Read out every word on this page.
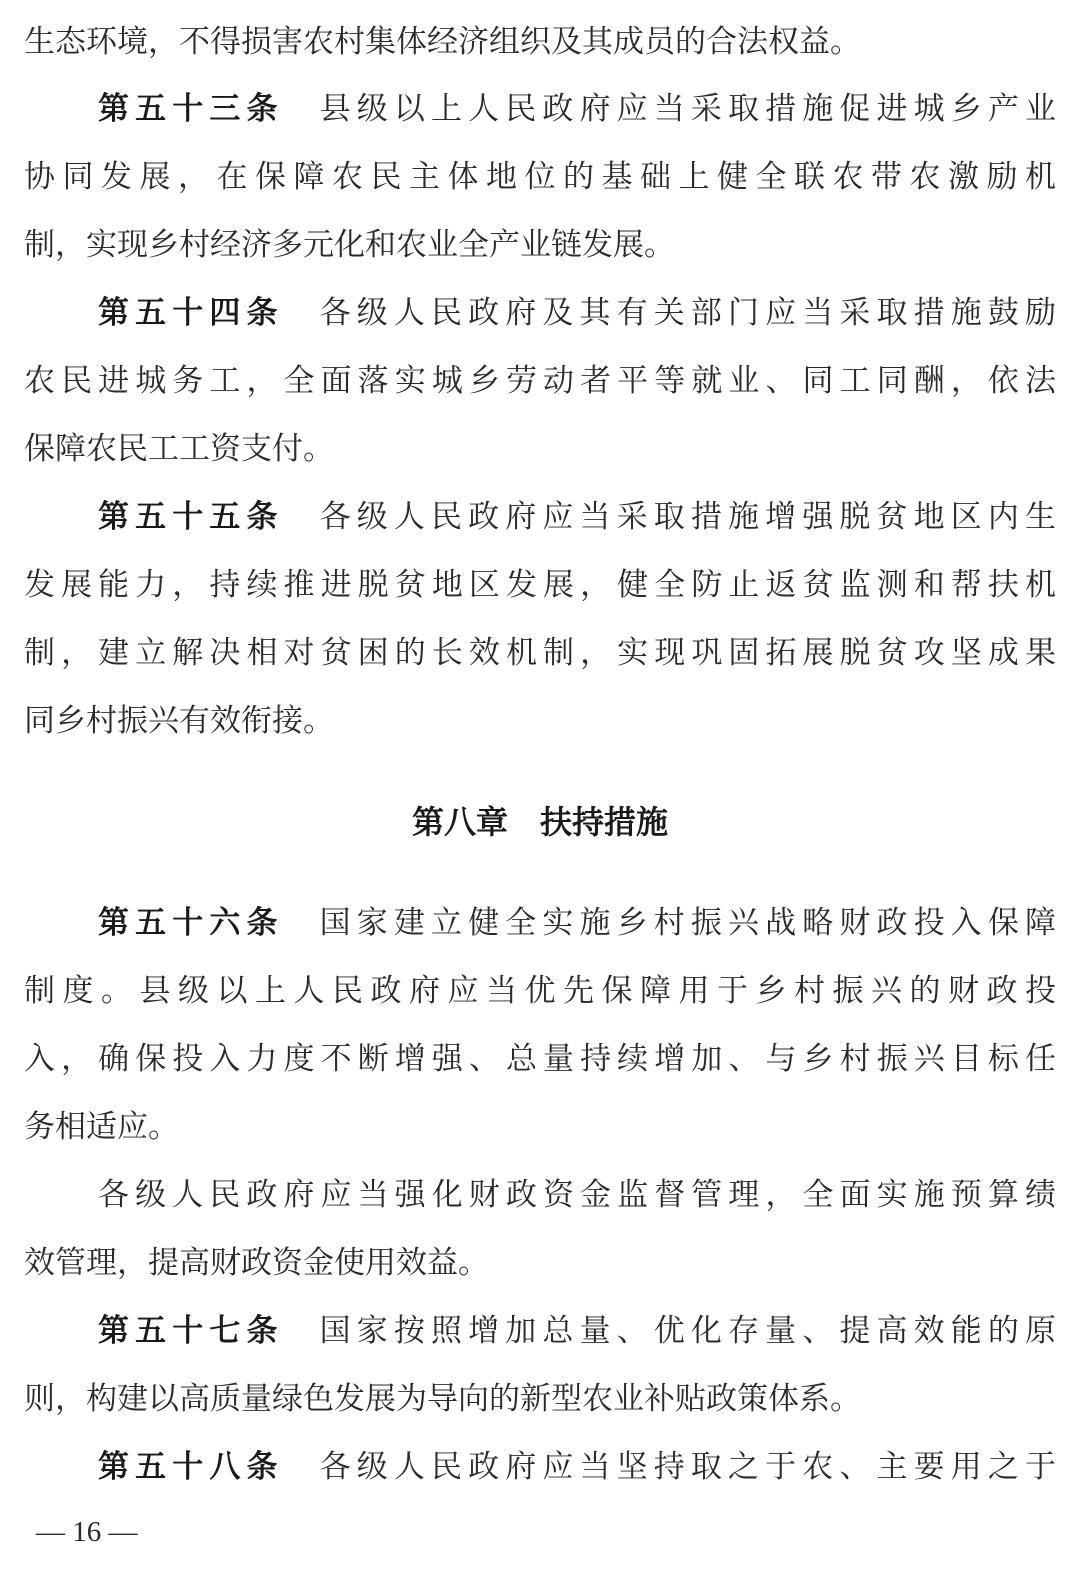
生态环境，不得损害农村集体经济组织及其成员的合法权益。
第五十三条 县级以上人民政府应当采取措施促进城乡产业
协同发展，在保障农民主体地位的基础上健全联农带农激励机
制，实现乡村经济多元化和农业全产业链发展。
第五十四条 各级人民政府及其有关部门应当采取措施鼓励
农民进城务工，全面落实城乡劳动者平等就业、同工同酬，依法
保障农民工工资支付。
第五十五条 各级人民政府应当采取措施增强脱贫地区内生
发展能力，持续推进脱贫地区发展，健全防止返贫监测和帮扶机
制，建立解决相对贫困的长效机制，实现巩固拓展脱贫攻坚成果
同乡村振兴有效衔接。
第八章　扶持措施
第五十六条 国家建立健全实施乡村振兴战略财政投入保障
制度。县级以上人民政府应当优先保障用于乡村振兴的财政投
入，确保投入力度不断增强、总量持续增加、与乡村振兴目标任
务相适应。
各级人民政府应当强化财政资金监督管理，全面实施预算绩
效管理，提高财政资金使用效益。
第五十七条 国家按照增加总量、优化存量、提高效能的原
则，构建以高质量绿色发展为导向的新型农业补贴政策体系。
第五十八条 各级人民政府应当坚持取之于农、主要用之于
— 16 —
